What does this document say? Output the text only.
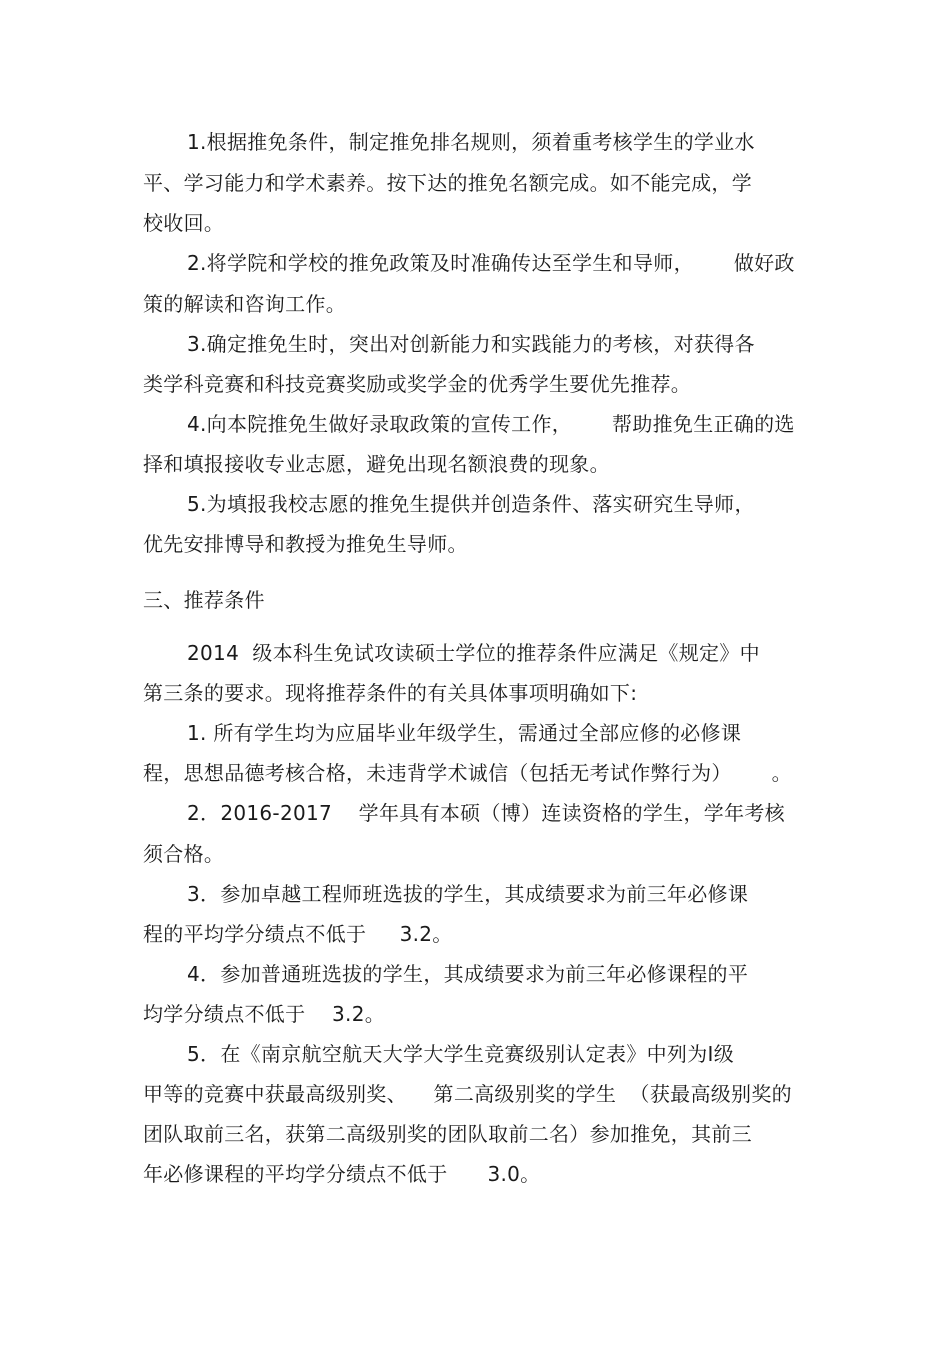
1.根据推免条件，制定推免排名规则，须着重考核学生的学业水
平、学习能力和学术素养。按下达的推免名额完成。如不能完成，学
校收回。
2.将学院和学校的推免政策及时准确传达至学生和导师，      做好政
策的解读和咨询工作。
3.确定推免生时，突出对创新能力和实践能力的考核，对获得各
类学科竞赛和科技竞赛奖励或奖学金的优秀学生要优先推荐。
4.向本院推免生做好录取政策的宣传工作，      帮助推免生正确的选
择和填报接收专业志愿，避免出现名额浪费的现象。
5.为填报我校志愿的推免生提供并创造条件、落实研究生导师，
优先安排博导和教授为推免生导师。
三、推荐条件
2014  级本科生免试攻读硕士学位的推荐条件应满足《规定》中
第三条的要求。现将推荐条件的有关具体事项明确如下:
1. 所有学生均为应届毕业年级学生，需通过全部应修的必修课
程，思想品德考核合格，未违背学术诚信（包括无考试作弊行为）      。
2．2016-2017    学年具有本硕（博）连读资格的学生，学年考核
须合格。
3．参加卓越工程师班选拔的学生，其成绩要求为前三年必修课
程的平均学分绩点不低于     3.2。
4．参加普通班选拔的学生，其成绩要求为前三年必修课程的平
均学分绩点不低于    3.2。
5．在《南京航空航天大学大学生竞赛级别认定表》中列为Ⅰ级
甲等的竞赛中获最高级别奖、    第二高级别奖的学生  （获最高级别奖的
团队取前三名，获第二高级别奖的团队取前二名）参加推免，其前三
年必修课程的平均学分绩点不低于      3.0。
